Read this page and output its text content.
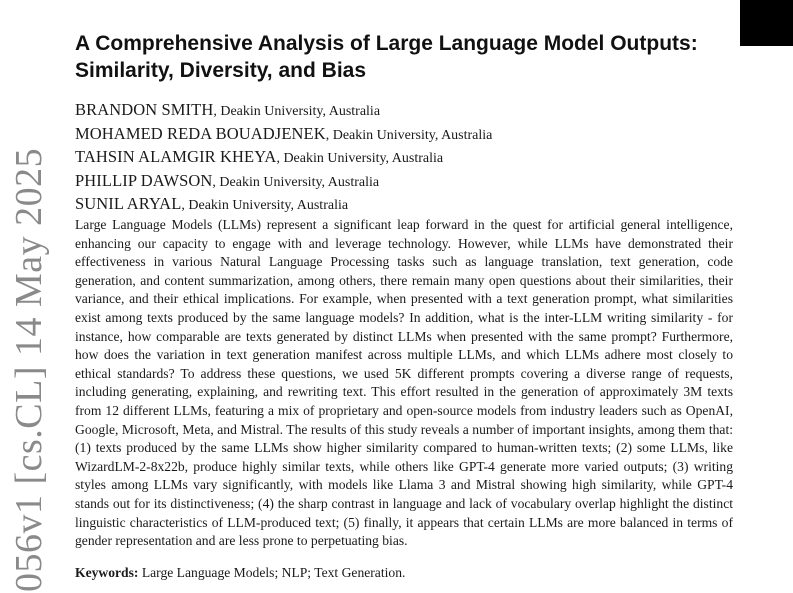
056v1 [cs.CL] 14 May 2025
A Comprehensive Analysis of Large Language Model Outputs: Similarity, Diversity, and Bias
BRANDON SMITH, Deakin University, Australia
MOHAMED REDA BOUADJENEK, Deakin University, Australia
TAHSIN ALAMGIR KHEYA, Deakin University, Australia
PHILLIP DAWSON, Deakin University, Australia
SUNIL ARYAL, Deakin University, Australia

Large Language Models (LLMs) represent a significant leap forward in the quest for artificial general intelligence, enhancing our capacity to engage with and leverage technology. However, while LLMs have demonstrated their effectiveness in various Natural Language Processing tasks such as language translation, text generation, code generation, and content summarization, among others, there remain many open questions about their similarities, their variance, and their ethical implications. For example, when presented with a text generation prompt, what similarities exist among texts produced by the same language models? In addition, what is the inter-LLM writing similarity - for instance, how comparable are texts generated by distinct LLMs when presented with the same prompt? Furthermore, how does the variation in text generation manifest across multiple LLMs, and which LLMs adhere most closely to ethical standards? To address these questions, we used 5K different prompts covering a diverse range of requests, including generating, explaining, and rewriting text. This effort resulted in the generation of approximately 3M texts from 12 different LLMs, featuring a mix of proprietary and open-source models from industry leaders such as OpenAI, Google, Microsoft, Meta, and Mistral. The results of this study reveals a number of important insights, among them that: (1) texts produced by the same LLMs show higher similarity compared to human-written texts; (2) some LLMs, like WizardLM-2-8x22b, produce highly similar texts, while others like GPT-4 generate more varied outputs; (3) writing styles among LLMs vary significantly, with models like Llama 3 and Mistral showing high similarity, while GPT-4 stands out for its distinctiveness; (4) the sharp contrast in language and lack of vocabulary overlap highlight the distinct linguistic characteristics of LLM-produced text; (5) finally, it appears that certain LLMs are more balanced in terms of gender representation and are less prone to perpetuating bias.

Keywords: Large Language Models; NLP; Text Generation.
